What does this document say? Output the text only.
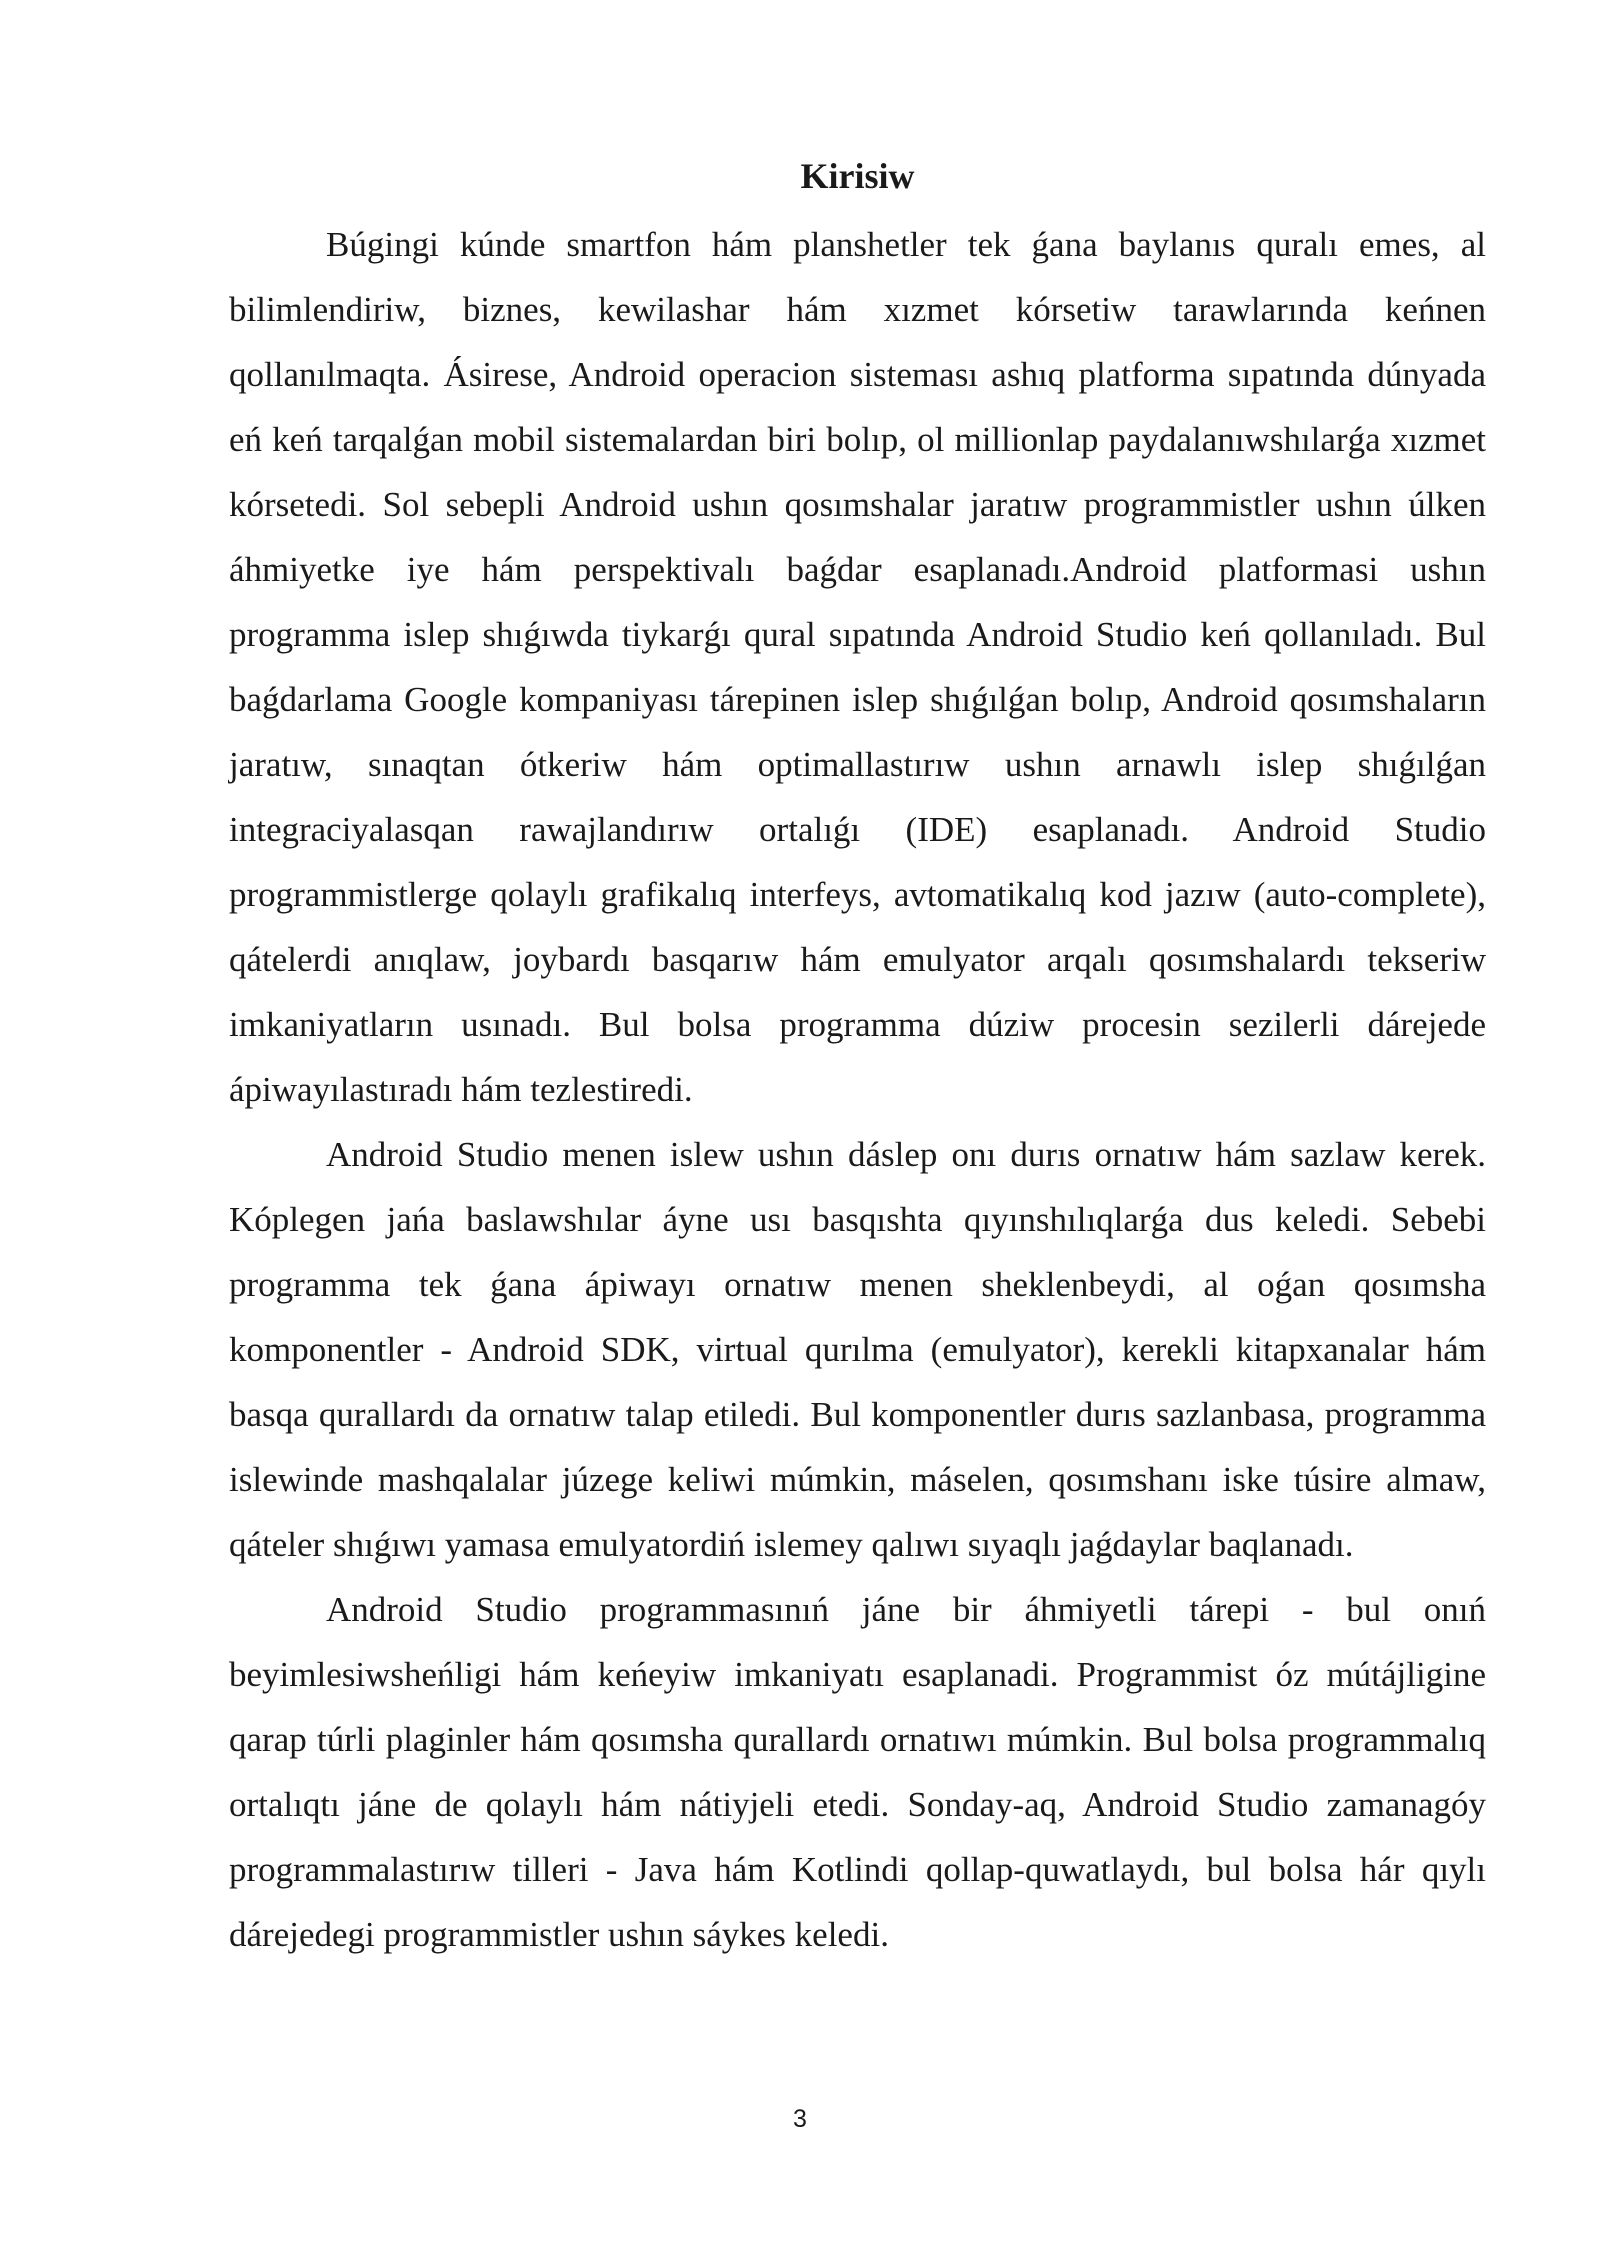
Kirisiw

Búgingi kúnde smartfon hám planshetler tek ǵana baylanıs quralı emes, al bilimlendiriw, biznes, kewilashar hám xızmet kórsetiw tarawlarında keńnen qollanılmaqta. Ásirese, Android operacion sisteması ashıq platforma sıpatında dúnyada eń keń tarqalǵan mobil sistemalardan biri bolıp, ol millionlap paydalanıwshılarǵa xızmet kórsetedi. Sol sebepli Android ushın qosımshalar jaratıw programmistler ushın úlken áhmiyetke iye hám perspektivalı baǵdar esaplanadı.Android platformasi ushın programma islep shıǵıwda tiykarǵı qural sıpatında Android Studio keń qollanıladı. Bul baǵdarlama Google kompaniyası tárepinen islep shıǵılǵan bolıp, Android qosımshaların jaratıw, sınaqtan ótkeriw hám optimallastırıw ushın arnawlı islep shıǵılǵan integraciyalasqan rawajlandırıw ortalıǵı (IDE) esaplanadı. Android Studio programmistlerge qolaylı grafikalıq interfeys, avtomatikalıq kod jazıw (auto-complete), qátelerdi anıqlaw, joybardı basqarıw hám emulyator arqalı qosımshalardı tekseriw imkaniyatların usınadı. Bul bolsa programma dúziw procesin sezilerli dárejede ápiwayılastıradı hám tezlestiredi.

Android Studio menen islew ushın dáslep onı durıs ornatıw hám sazlaw kerek. Kóplegen jańa baslawshılar áyne usı basqıshta qıyınshılıqlarǵa dus keledi. Sebebi programma tek ǵana ápiwayı ornatıw menen sheklenbeydi, al oǵan qosımsha komponentler - Android SDK, virtual qurılma (emulyator), kerekli kitapxanalar hám basqa qurallardı da ornatıw talap etiledi. Bul komponentler durıs sazlanbasa, programma islewinde mashqalalar júzege keliwi múmkin, máselen, qosımshanı iske túsire almaw, qáteler shıǵıwı yamasa emulyatordiń islemey qalıwı sıyaqlı jaǵdaylar baqlanadı.

Android Studio programmasınıń jáne bir áhmiyetli tárepi - bul onıń beyimlesiwsheńligi hám keńeyiw imkaniyatı esaplanadi. Programmist óz mútájligine qarap túrli plaginler hám qosımsha qurallardı ornatıwı múmkin. Bul bolsa programmalıq ortalıqtı jáne de qolaylı hám nátiyjeli etedi. Sonday-aq, Android Studio zamanagóy programmalastırıw tilleri - Java hám Kotlindi qollap-quwatlaydı, bul bolsa hár qıylı dárejedegi programmistler ushın sáykes keledi.

3
